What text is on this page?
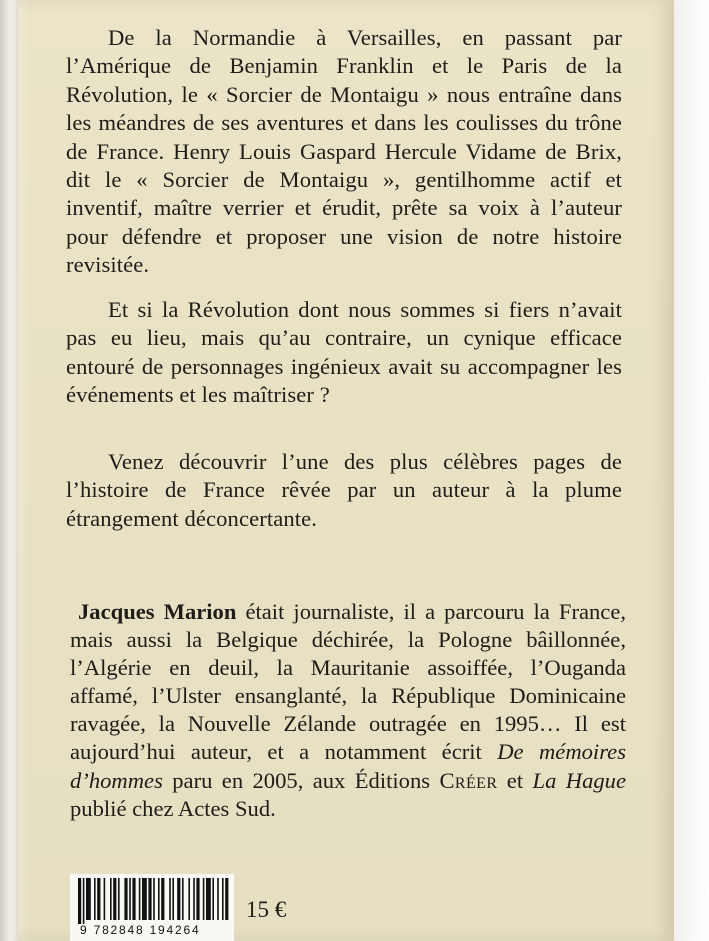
De la Normandie à Versailles, en passant par l’Amérique de Benjamin Franklin et le Paris de la Révolution, le « Sorcier de Montaigu » nous entraîne dans les méandres de ses aventures et dans les coulisses du trône de France. Henry Louis Gaspard Hercule Vidame de Brix, dit le « Sorcier de Montaigu », gentilhomme actif et inventif, maître verrier et érudit, prête sa voix à l’auteur pour défendre et proposer une vision de notre histoire revisitée.

Et si la Révolution dont nous sommes si fiers n’avait pas eu lieu, mais qu’au contraire, un cynique efficace entouré de personnages ingénieux avait su accompagner les événements et les maîtriser ?

Venez découvrir l’une des plus célèbres pages de l’histoire de France rêvée par un auteur à la plume étrangement déconcertante.

Jacques Marion était journaliste, il a parcouru la France, mais aussi la Belgique déchirée, la Pologne bâillonnée, l’Algérie en deuil, la Mauritanie assoiffée, l’Ouganda affamé, l’Ulster ensanglanté, la République Dominicaine ravagée, la Nouvelle Zélande outragée en 1995… Il est aujourd’hui auteur, et a notamment écrit De mémoires d’hommes paru en 2005, aux Éditions Créer et La Hague publié chez Actes Sud.

9 782848 194264
15 €
